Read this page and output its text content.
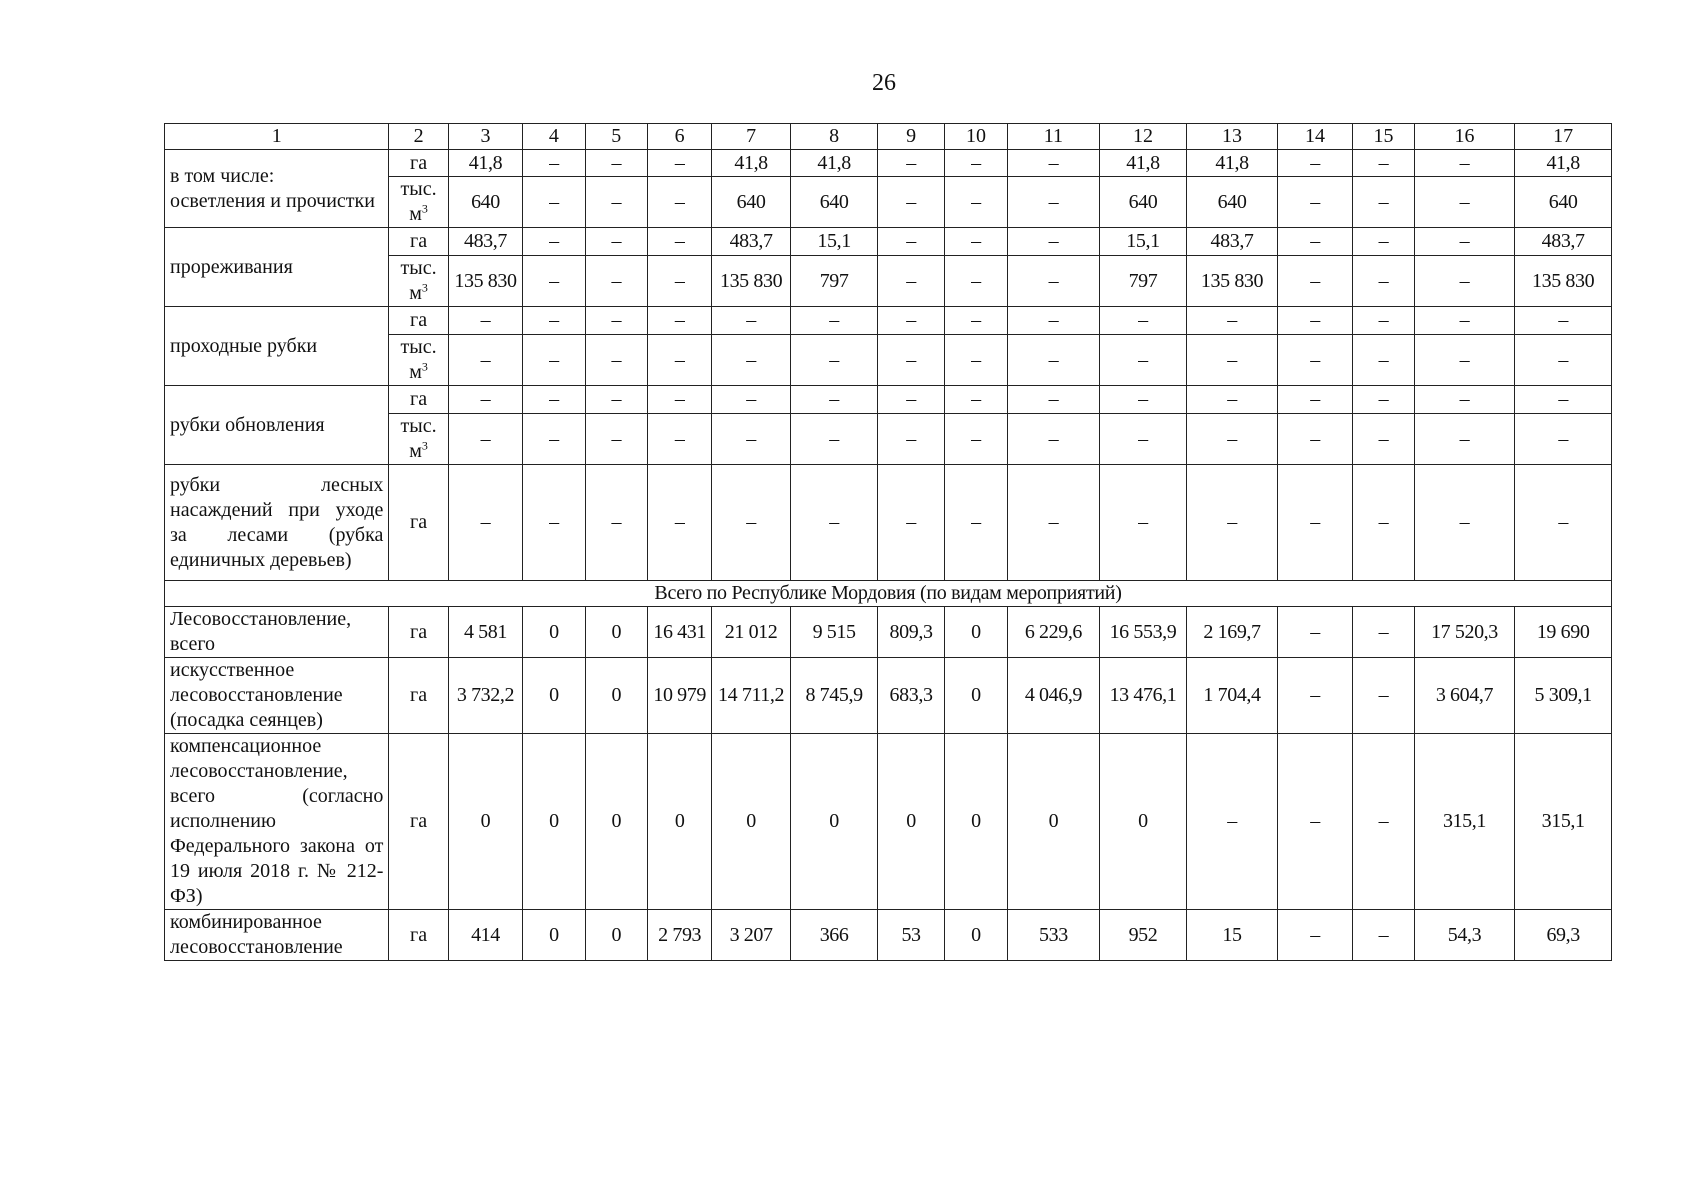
26
1	2	3	4	5	6	7	8	9	10	11	12	13	14	15	16	17
в том числе:
осветления и прочистки	га	41,8	–	–	–	41,8	41,8	–	–	–	41,8	41,8	–	–	–	41,8
	тыс. $м^3$	640	–	–	–	640	640	–	–	–	640	640	–	–	–	640
прореживания	га	483,7	–	–	–	483,7	15,1	–	–	–	15,1	483,7	–	–	–	483,7
	тыс. $м^3$	135 830	–	–	–	135 830	797	–	–	–	797	135 830	–	–	–	135 830
проходные рубки	га	–	–	–	–	–	–	–	–	–	–	–	–	–	–	–
	тыс. $м^3$	–	–	–	–	–	–	–	–	–	–	–	–	–	–	–
рубки обновления	га	–	–	–	–	–	–	–	–	–	–	–	–	–	–	–
	тыс. $м^3$	–	–	–	–	–	–	–	–	–	–	–	–	–	–	–
рубки лесных насаждений при уходе за лесами (рубка единичных деревьев)	га	–	–	–	–	–	–	–	–	–	–	–	–	–	–	–
Всего по Республике Мордовия (по видам мероприятий)																
Лесовосстановление, всего	га	4 581	0	0	16 431	21 012	9 515	809,3	0	6 229,6	16 553,9	2 169,7	–	–	17 520,3	19 690
искусственное лесовосстановление (посадка сеянцев)	га	3 732,2	0	0	10 979	14 711,2	8 745,9	683,3	0	4 046,9	13 476,1	1 704,4	–	–	3 604,7	5 309,1
компенсационное лесовосстановление, всего (согласно исполнению Федерального закона от 19 июля 2018 г. № 212-ФЗ)	га	0	0	0	0	0	0	0	0	0	0	–	–	–	315,1	315,1
комбинированное лесовосстановление	га	414	0	0	2 793	3 207	366	53	0	533	952	15	–	–	54,3	69,3
